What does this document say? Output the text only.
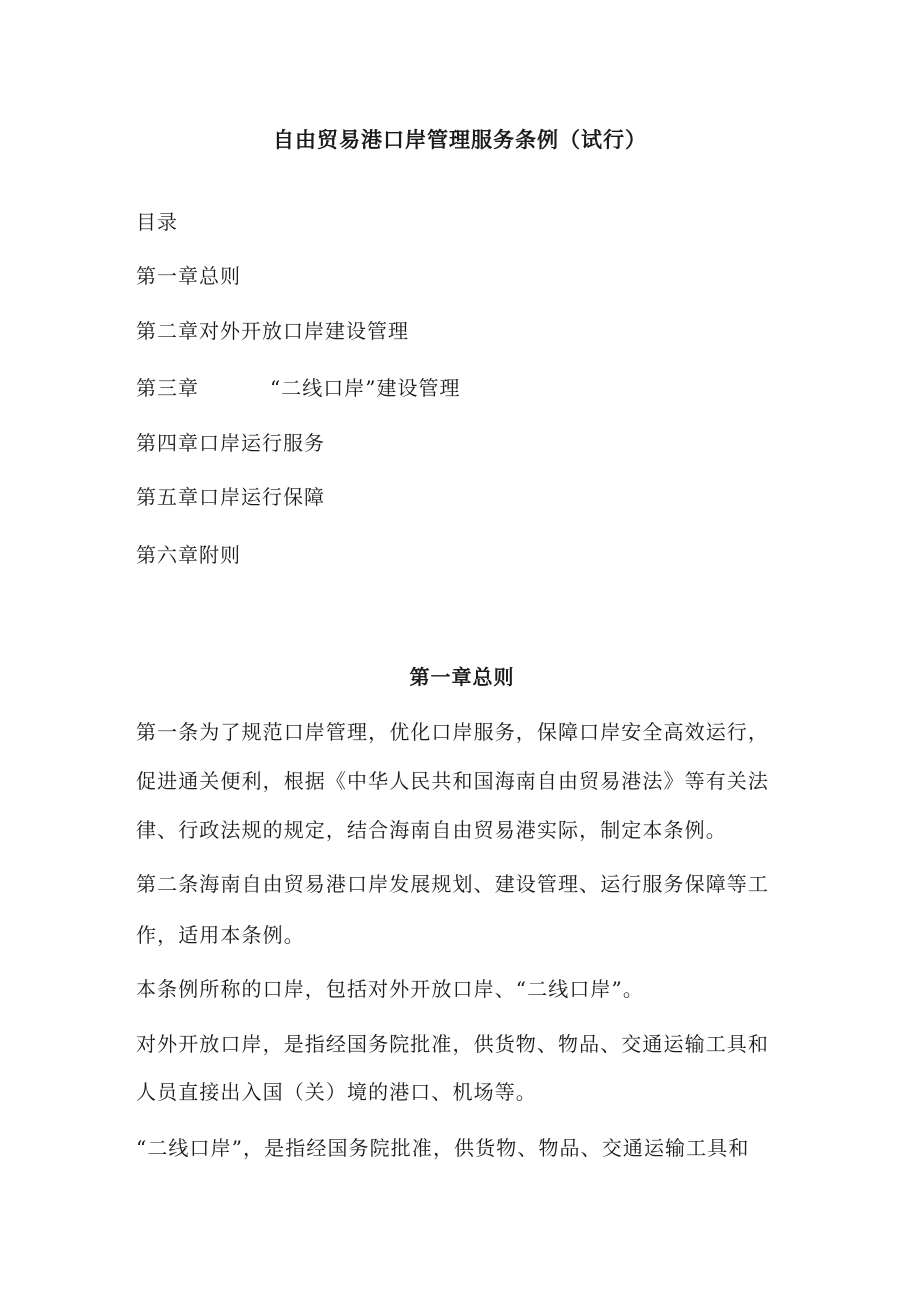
自由贸易港口岸管理服务条例（试行）
目录
第一章总则
第二章对外开放口岸建设管理
第三章	“二线口岸”建设管理
第四章口岸运行服务
第五章口岸运行保障
第六章附则
第一章总则
第一条为了规范口岸管理，优化口岸服务，保障口岸安全高效运行，
促进通关便利，根据《中华人民共和国海南自由贸易港法》等有关法
律、行政法规的规定，结合海南自由贸易港实际，制定本条例。
第二条海南自由贸易港口岸发展规划、建设管理、运行服务保障等工
作，适用本条例。
本条例所称的口岸，包括对外开放口岸、“二线口岸”。
对外开放口岸，是指经国务院批准，供货物、物品、交通运输工具和
人员直接出入国（关）境的港口、机场等。
“二线口岸”，是指经国务院批准，供货物、物品、交通运输工具和
